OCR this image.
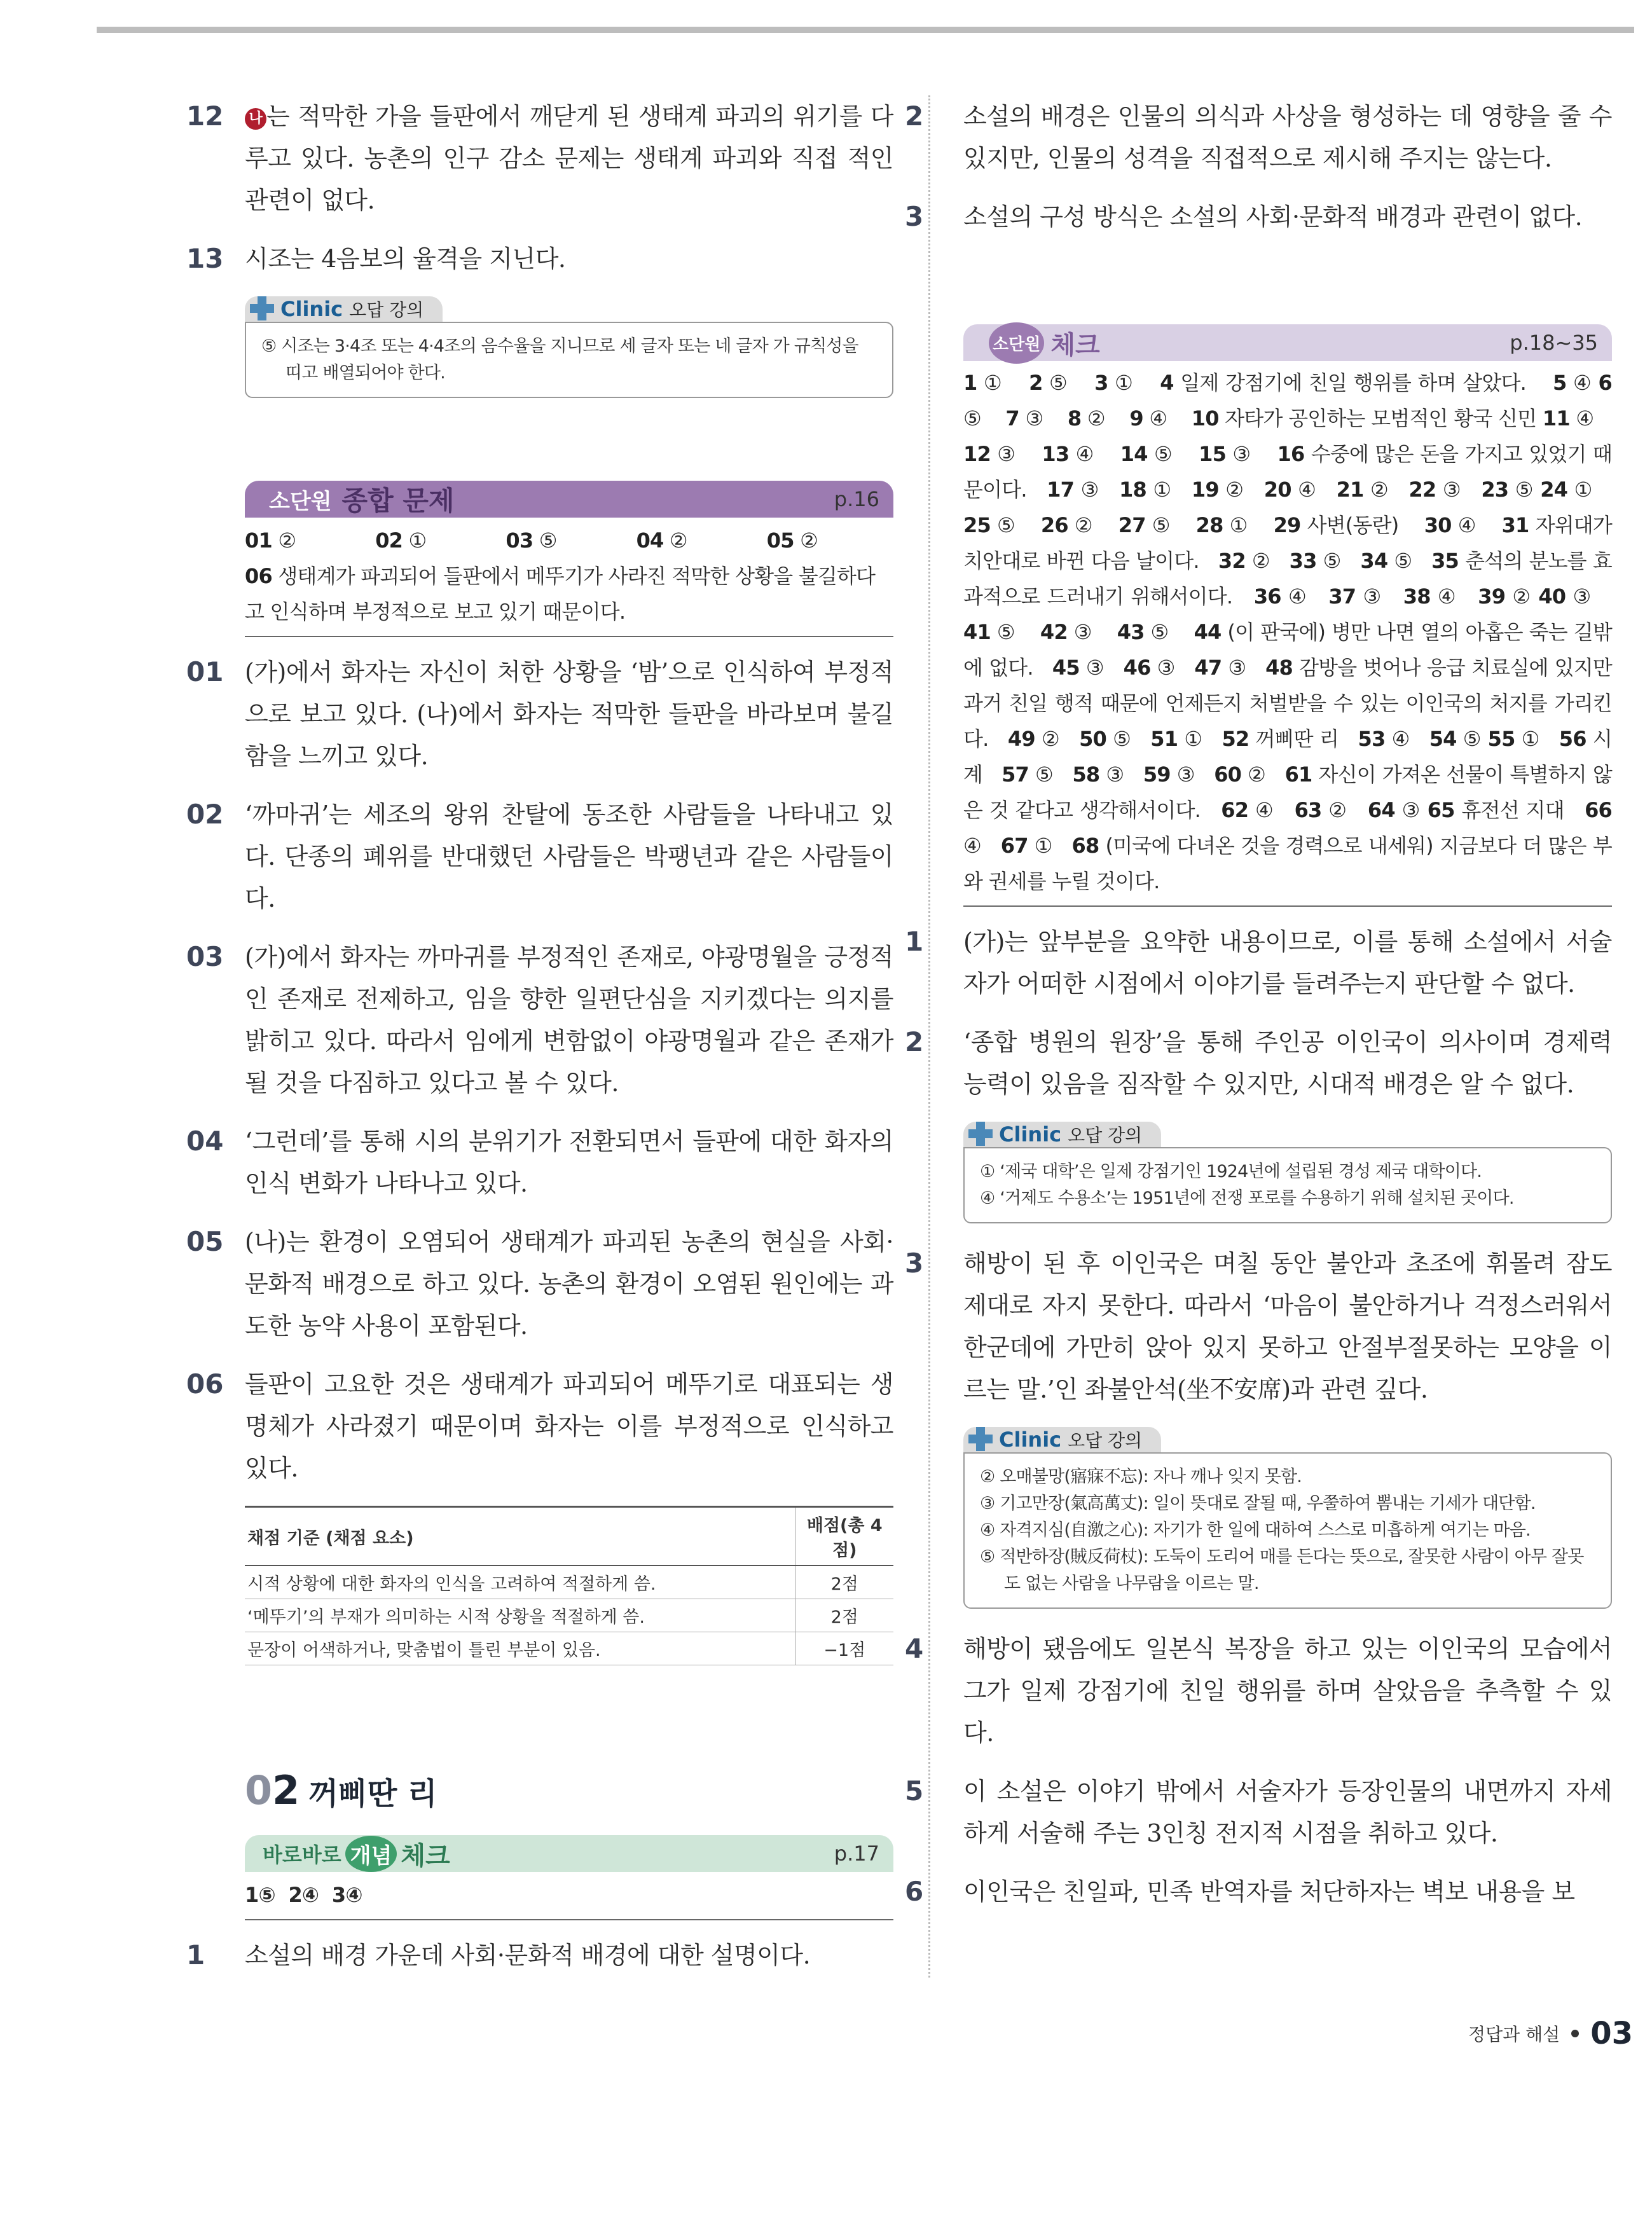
12	나 는 적막한 가을 들판에서 깨닫게 된 생태계 파괴의 위기를 다루고 있다. 농촌의 인구 감소 문제는 생태계 파괴와 직접 적인 관련이 없다.
13 시조는 4음보의 율격을 지닌다.
Clinic 오답 강의

⑤ 시조는 3·4조 또는 4·4조의 음수율을 지니므로 세 글자 또는 네 글자 가 규칙성을 띠고 배열되어야 한다.

소단원 종합 문제	p.16
01 ②	02 ①	03 ⑤	04 ②	05 ②
06 생태계가 파괴되어 들판에서 메뚜기가 사라진 적막한 상황을 불길하다고 인식하며 부정적으로 보고 있기 때문이다.
01 (가)에서 화자는 자신이 처한 상황을 ‘밤’으로 인식하여 부정적으로 보고 있다. (나)에서 화자는 적막한 들판을 바라보며 불길함을 느끼고 있다.
02 ‘까마귀’는 세조의 왕위 찬탈에 동조한 사람들을 나타내고 있다. 단종의 폐위를 반대했던 사람들은 박팽년과 같은 사람들이다.
03 (가)에서 화자는 까마귀를 부정적인 존재로, 야광명월을 긍정적인 존재로 전제하고, 임을 향한 일편단심을 지키겠다는 의지를 밝히고 있다. 따라서 임에게 변함없이 야광명월과 같은 존재가 될 것을 다짐하고 있다고 볼 수 있다.
04 ‘그런데’를 통해 시의 분위기가 전환되면서 들판에 대한 화자의 인식 변화가 나타나고 있다.
05 (나)는 환경이 오염되어 생태계가 파괴된 농촌의 현실을 사회·문화적 배경으로 하고 있다. 농촌의 환경이 오염된 원인에는 과도한 농약 사용이 포함된다.
06 들판이 고요한 것은 생태계가 파괴되어 메뚜기로 대표되는 생명체가 사라졌기 때문이며 화자는 이를 부정적으로 인식하고 있다.
채점 기준 (채점 요소)	배점(총 4점)
시적 상황에 대한 화자의 인식을 고려하여 적절하게 씀.	2점
‘메뚜기’의 부재가 의미하는 시적 상황을 적절하게 씀.	2점
문장이 어색하거나, 맞춤법이 틀린 부분이 있음.	−1점
02 꺼삐딴 리
바로바로 개념 체크	p.17
1⑤  2④  3④
1	소설의 배경 가운데 사회·문화적 배경에 대한 설명이다.
2	소설의 배경은 인물의 의식과 사상을 형성하는 데 영향을 줄 수 있지만, 인물의 성격을 직접적으로 제시해 주지는 않는다.
3	소설의 구성 방식은 소설의 사회·문화적 배경과 관련이 없다.
소단원 체크	p.18~35
1 ①    2 ⑤    3 ①    4 일제 강점기에 친일 행위를 하며 살았다.    5 ④ 6 ⑤    7 ③    8 ②    9 ④    10 자타가 공인하는 모범적인 황국 신민 11 ④    12 ③    13 ④    14 ⑤    15 ③    16 수중에 많은 돈을 가지고 있었기 때문이다.   17 ③   18 ①   19 ②   20 ④   21 ②   22 ③   23 ⑤ 24 ①    25 ⑤    26 ②    27 ⑤    28 ①    29 사변(동란)    30 ④    31 자위대가 치안대로 바뀐 다음 날이다.   32 ②   33 ⑤   34 ⑤   35 춘석의 분노를 효과적으로 드러내기 위해서이다.   36 ④   37 ③   38 ④   39 ② 40 ③    41 ⑤    42 ③    43 ⑤    44 (이 판국에) 병만 나면 열의 아홉은 죽는 길밖에 없다.   45 ③   46 ③   47 ③   48 감방을 벗어나 응급 치료실에 있지만 과거 친일 행적 때문에 언제든지 처벌받을 수 있는 이인국의 처지를 가리킨다.   49 ②   50 ⑤   51 ①   52 꺼삐딴 리   53 ④   54 ⑤ 55 ①   56 시계   57 ⑤   58 ③   59 ③   60 ②   61 자신이 가져온 선물이 특별하지 않은 것 같다고 생각해서이다.   62 ④   63 ②   64 ③ 65 휴전선 지대   66 ④   67 ①   68 (미국에 다녀온 것을 경력으로 내세워) 지금보다 더 많은 부와 권세를 누릴 것이다.
1	(가)는 앞부분을 요약한 내용이므로, 이를 통해 소설에서 서술자가 어떠한 시점에서 이야기를 들려주는지 판단할 수 없다.
2	‘종합 병원의 원장’을 통해 주인공 이인국이 의사이며 경제력 능력이 있음을 짐작할 수 있지만, 시대적 배경은 알 수 없다.
Clinic 오답 강의

① ‘제국 대학’은 일제 강점기인 1924년에 설립된 경성 제국 대학이다.

④ ‘거제도 수용소’는 1951년에 전쟁 포로를 수용하기 위해 설치된 곳이다.

3	해방이 된 후 이인국은 며칠 동안 불안과 초조에 휘몰려 잠도 제대로 자지 못한다. 따라서 ‘마음이 불안하거나 걱정스러워서 한군데에 가만히 앉아 있지 못하고 안절부절못하는 모양을 이르는 말.’인 좌불안석(坐不安席)과 관련 깊다.
Clinic 오답 강의

② 오매불망(寤寐不忘): 자나 깨나 잊지 못함.

③ 기고만장(氣高萬丈): 일이 뜻대로 잘될 때, 우쭐하여 뽐내는 기세가 대단함.

④ 자격지심(自激之心): 자기가 한 일에 대하여 스스로 미흡하게 여기는 마음.

⑤ 적반하장(賊反荷杖): 도둑이 도리어 매를 든다는 뜻으로, 잘못한 사람이 아무 잘못도 없는 사람을 나무람을 이르는 말.

4	해방이 됐음에도 일본식 복장을 하고 있는 이인국의 모습에서 그가 일제 강점기에 친일 행위를 하며 살았음을 추측할 수 있다.
5	이 소설은 이야기 밖에서 서술자가 등장인물의 내면까지 자세하게 서술해 주는 3인칭 전지적 시점을 취하고 있다.
6	이인국은 친일파, 민족 반역자를 처단하자는 벽보 내용을 보
정답과 해설 03
